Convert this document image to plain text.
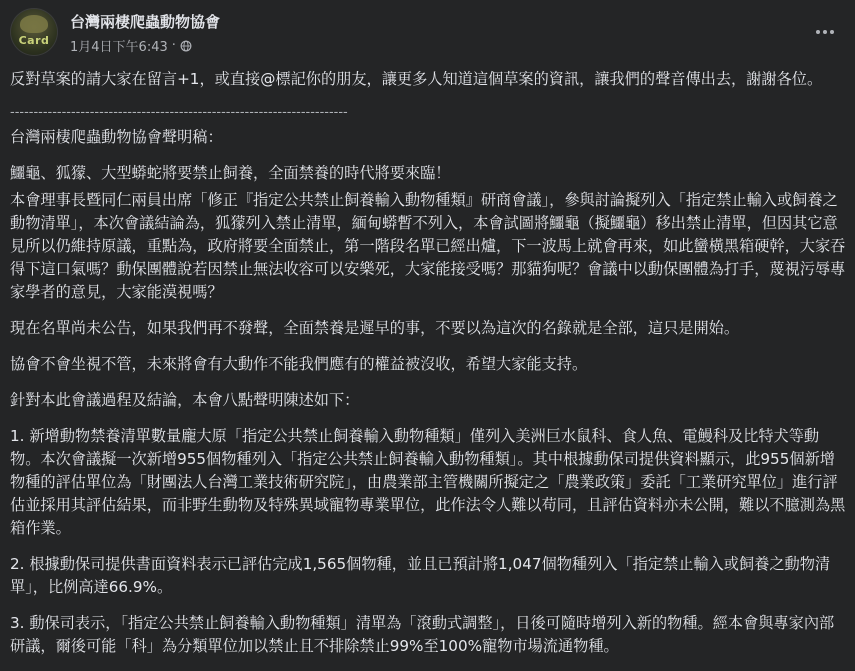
Card
台灣兩棲爬蟲動物協會
1月4日下午6:43 ·

反對草案的請大家在留言+1，或直接@標記你的朋友，讓更多人知道這個草案的資訊，讓我們的聲音傳出去，謝謝各位。

------------------------------------------------------------------------

台灣兩棲爬蟲動物協會聲明稿：

鱷龜、狐獴、大型蟒蛇將要禁止飼養，全面禁養的時代將要來臨！

本會理事長暨同仁兩員出席「修正『指定公共禁止飼養輸入動物種類』研商會議」，參與討論擬列入「指定禁止輸入或飼養之動物清單」，本次會議結論為，狐獴列入禁止清單，緬甸蟒暫不列入，本會試圖將鱷龜（擬鱷龜）移出禁止清單，但因其它意見所以仍維持原議，重點為，政府將要全面禁止，第一階段名單已經出爐，下一波馬上就會再來，如此蠻橫黑箱硬幹，大家吞得下這口氣嗎？動保團體說若因禁止無法收容可以安樂死，大家能接受嗎？那貓狗呢？會議中以動保團體為打手，蔑視污辱專家學者的意見，大家能漠視嗎？

現在名單尚未公告，如果我們再不發聲，全面禁養是遲早的事，不要以為這次的名錄就是全部，這只是開始。

協會不會坐視不管，未來將會有大動作不能我們應有的權益被沒收，希望大家能支持。

針對本此會議過程及結論，本會八點聲明陳述如下：

1. 新增動物禁養清單數量龐大原「指定公共禁止飼養輸入動物種類」僅列入美洲巨水鼠科、食人魚、電鰻科及比特犬等動物。本次會議擬一次新增955個物種列入「指定公共禁止飼養輸入動物種類」。其中根據動保司提供資料顯示，此955個新增物種的評估單位為「財團法人台灣工業技術研究院」，由農業部主管機關所擬定之「農業政策」委託「工業研究單位」進行評估並採用其評估結果，而非野生動物及特殊異域寵物專業單位，此作法令人難以苟同，且評估資料亦未公開，難以不臆測為黑箱作業。

2. 根據動保司提供書面資料表示已評估完成1,565個物種，並且已預計將1,047個物種列入「指定禁止輸入或飼養之動物清單」，比例高達66.9%。

3. 動保司表示，「指定公共禁止飼養輸入動物種類」清單為「滾動式調整」，日後可隨時增列入新的物種。經本會與專家內部研議，爾後可能「科」為分類單位加以禁止且不排除禁止99%至100%寵物市場流通物種。
